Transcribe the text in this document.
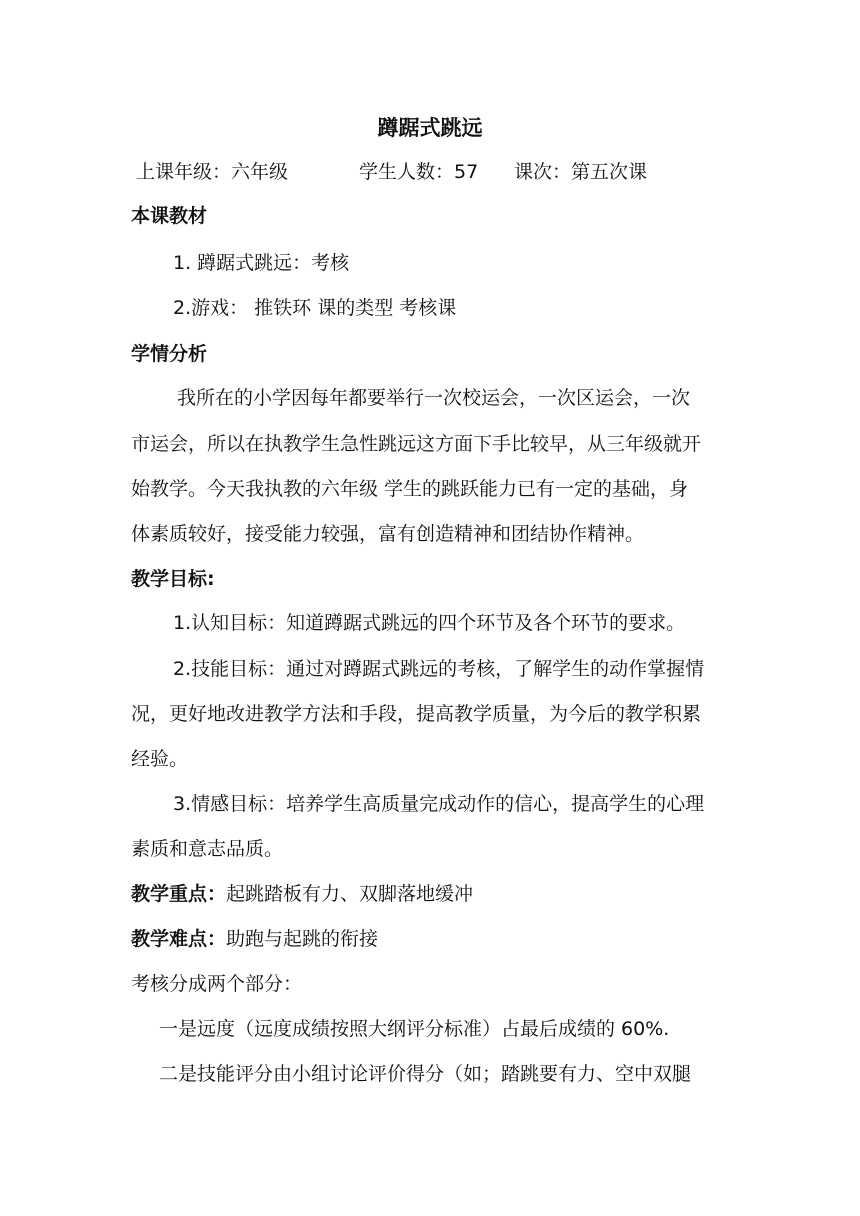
蹲踞式跳远
上课年级：六年级	学生人数：57 课次：第五次课
本课教材
1. 蹲踞式跳远：考核
2.游戏： 推铁环 课的类型 考核课
学情分析
我所在的小学因每年都要举行一次校运会，一次区运会，一次
市运会，所以在执教学生急性跳远这方面下手比较早，从三年级就开
始教学。今天我执教的六年级 学生的跳跃能力已有一定的基础，身
体素质较好，接受能力较强，富有创造精神和团结协作精神。
教学目标:
1.认知目标：知道蹲踞式跳远的四个环节及各个环节的要求。
2.技能目标：通过对蹲踞式跳远的考核，了解学生的动作掌握情
况，更好地改进教学方法和手段，提高教学质量，为今后的教学积累
经验。
3.情感目标：培养学生高质量完成动作的信心，提高学生的心理
素质和意志品质。
教学重点：起跳踏板有力、双脚落地缓冲
教学难点：助跑与起跳的衔接
考核分成两个部分：
一是远度（远度成绩按照大纲评分标准）占最后成绩的 60%.
二是技能评分由小组讨论评价得分（如；踏跳要有力、空中双腿
